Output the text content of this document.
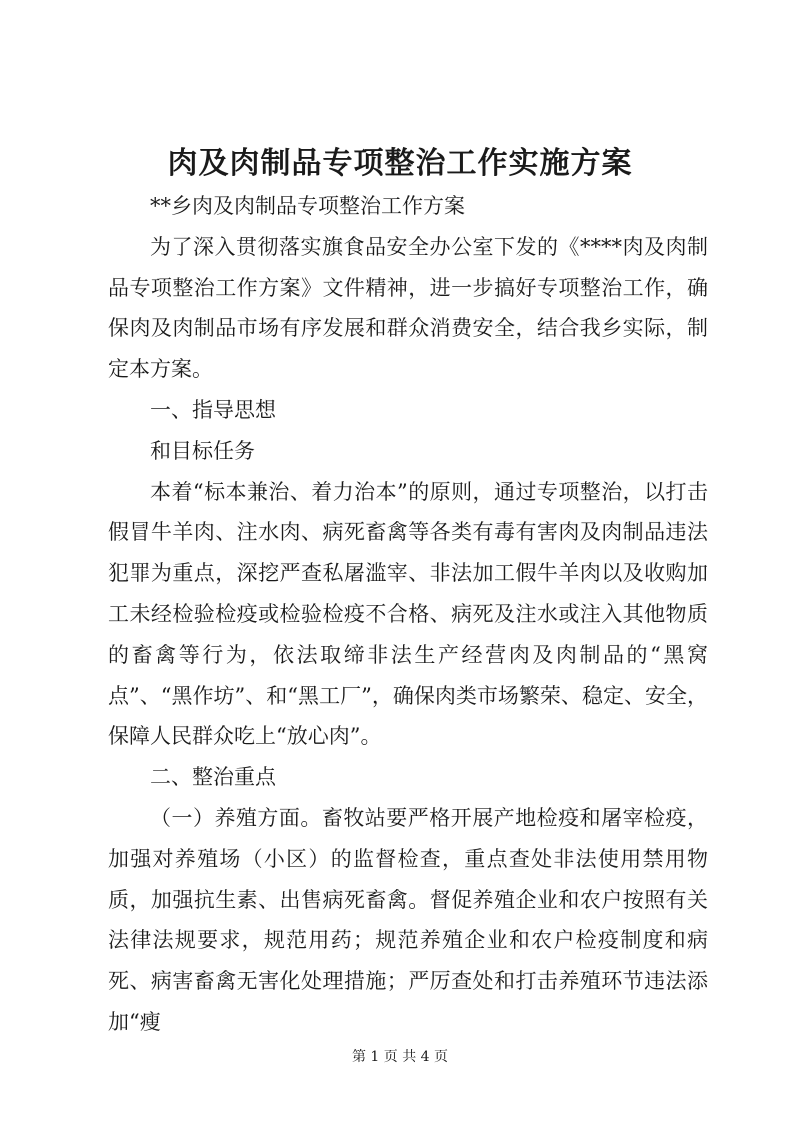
肉及肉制品专项整治工作实施方案

**乡肉及肉制品专项整治工作方案

为了深入贯彻落实旗食品安全办公室下发的《****肉及肉制品专项整治工作方案》文件精神，进一步搞好专项整治工作，确保肉及肉制品市场有序发展和群众消费安全，结合我乡实际，制定本方案。

一、指导思想

和目标任务

本着“标本兼治、着力治本”的原则，通过专项整治，以打击假冒牛羊肉、注水肉、病死畜禽等各类有毒有害肉及肉制品违法犯罪为重点，深挖严查私屠滥宰、非法加工假牛羊肉以及收购加工未经检验检疫或检验检疫不合格、病死及注水或注入其他物质的畜禽等行为，依法取缔非法生产经营肉及肉制品的“黑窝点”、“黑作坊”、和“黑工厂”，确保肉类市场繁荣、稳定、安全，保障人民群众吃上“放心肉”。

二、整治重点

（一）养殖方面。畜牧站要严格开展产地检疫和屠宰检疫，加强对养殖场（小区）的监督检查，重点查处非法使用禁用物质，加强抗生素、出售病死畜禽。督促养殖企业和农户按照有关法律法规要求，规范用药；规范养殖企业和农户检疫制度和病死、病害畜禽无害化处理措施；严厉查处和打击养殖环节违法添加“瘦

第 1 页 共 4 页
